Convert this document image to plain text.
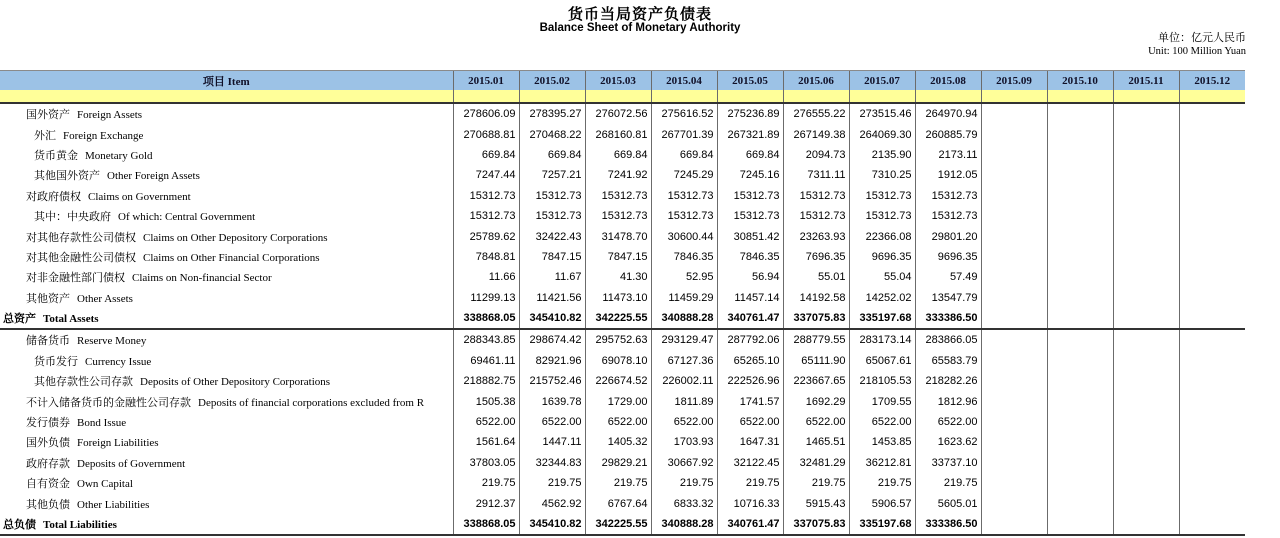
货币当局资产负债表
Balance Sheet of Monetary Authority
单位：亿元人民币
Unit: 100 Million Yuan
项目 Item	2015.01	2015.02	2015.03	2015.04	2015.05	2015.06	2015.07	2015.08	2015.09	2015.10	2015.11	2015.12

国外资产 Foreign Assets	278606.09	278395.27	276072.56	275616.52	275236.89	276555.22	273515.46	264970.94				
外汇 Foreign Exchange	270688.81	270468.22	268160.81	267701.39	267321.89	267149.38	264069.30	260885.79				
货币黄金 Monetary Gold	669.84	669.84	669.84	669.84	669.84	2094.73	2135.90	2173.11				
其他国外资产 Other Foreign Assets	7247.44	7257.21	7241.92	7245.29	7245.16	7311.11	7310.25	1912.05				
对政府债权 Claims on Government	15312.73	15312.73	15312.73	15312.73	15312.73	15312.73	15312.73	15312.73				
其中：中央政府 Of which: Central Government	15312.73	15312.73	15312.73	15312.73	15312.73	15312.73	15312.73	15312.73				
对其他存款性公司债权 Claims on Other Depository Corporations	25789.62	32422.43	31478.70	30600.44	30851.42	23263.93	22366.08	29801.20				
对其他金融性公司债权 Claims on Other Financial Corporations	7848.81	7847.15	7847.15	7846.35	7846.35	7696.35	9696.35	9696.35				
对非金融性部门债权 Claims on Non-financial Sector	11.66	11.67	41.30	52.95	56.94	55.01	55.04	57.49				
其他资产 Other Assets	11299.13	11421.56	11473.10	11459.29	11457.14	14192.58	14252.02	13547.79				
总资产 Total Assets	338868.05	345410.82	342225.55	340888.28	340761.47	337075.83	335197.68	333386.50				
储备货币 Reserve Money	288343.85	298674.42	295752.63	293129.47	287792.06	288779.55	283173.14	283866.05				
货币发行 Currency Issue	69461.11	82921.96	69078.10	67127.36	65265.10	65111.90	65067.61	65583.79				
其他存款性公司存款 Deposits of Other Depository Corporations	218882.75	215752.46	226674.52	226002.11	222526.96	223667.65	218105.53	218282.26				
不计入储备货币的金融性公司存款 Deposits of financial corporations excluded from R	1505.38	1639.78	1729.00	1811.89	1741.57	1692.29	1709.55	1812.96				
发行债券 Bond Issue	6522.00	6522.00	6522.00	6522.00	6522.00	6522.00	6522.00	6522.00				
国外负债 Foreign Liabilities	1561.64	1447.11	1405.32	1703.93	1647.31	1465.51	1453.85	1623.62				
政府存款 Deposits of Government	37803.05	32344.83	29829.21	30667.92	32122.45	32481.29	36212.81	33737.10				
自有资金 Own Capital	219.75	219.75	219.75	219.75	219.75	219.75	219.75	219.75				
其他负债 Other Liabilities	2912.37	4562.92	6767.64	6833.32	10716.33	5915.43	5906.57	5605.01				
总负债 Total Liabilities	338868.05	345410.82	342225.55	340888.28	340761.47	337075.83	335197.68	333386.50				
